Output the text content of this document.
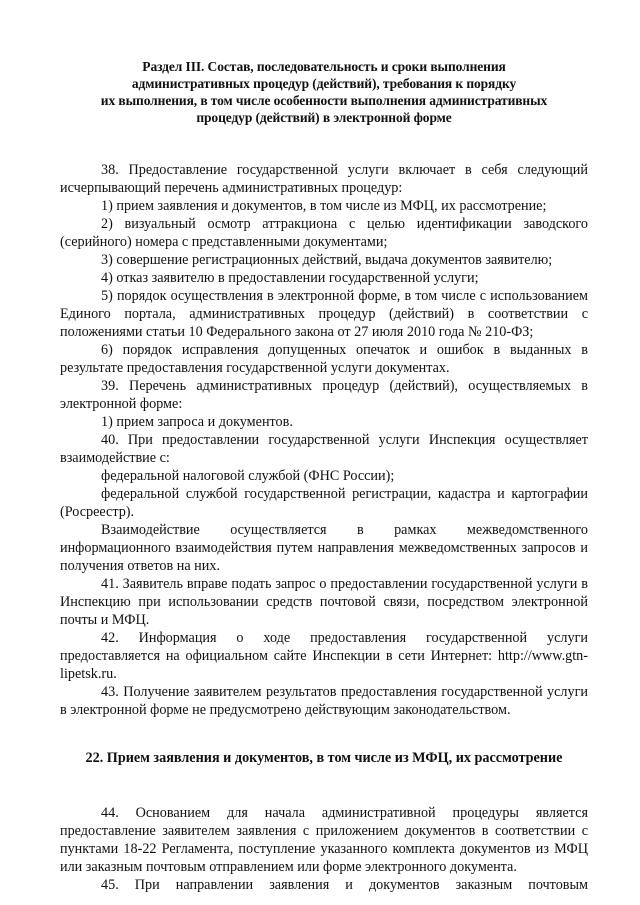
Раздел III. Состав, последовательность и сроки выполнения
административных процедур (действий), требования к порядку
их выполнения, в том числе особенности выполнения административных
процедур (действий) в электронной форме

38. Предоставление государственной услуги включает в себя следующий исчерпывающий перечень административных процедур:

1) прием заявления и документов, в том числе из МФЦ, их рассмотрение;

2) визуальный осмотр аттракциона с целью идентификации заводского (серийного) номера с представленными документами;

3) совершение регистрационных действий, выдача документов заявителю;

4) отказ заявителю в предоставлении государственной услуги;

5) порядок осуществления в электронной форме, в том числе с использованием Единого портала, административных процедур (действий) в соответствии с положениями статьи 10 Федерального закона от 27 июля 2010 года № 210-ФЗ;

6) порядок исправления допущенных опечаток и ошибок в выданных в результате предоставления государственной услуги документах.

39. Перечень административных процедур (действий), осуществляемых в электронной форме:

1) прием запроса и документов.

40. При предоставлении государственной услуги Инспекция осуществляет взаимодействие с:

федеральной налоговой службой (ФНС России);

федеральной службой государственной регистрации, кадастра и картографии (Росреестр).

Взаимодействие осуществляется в рамках межведомственного информационного взаимодействия путем направления межведомственных запросов и получения ответов на них.

41. Заявитель вправе подать запрос о предоставлении государственной услуги в Инспекцию при использовании средств почтовой связи, посредством электронной почты и МФЦ.

42. Информация о ходе предоставления государственной услуги предоставляется на официальном сайте Инспекции в сети Интернет: http://www.gtn-lipetsk.ru.

43. Получение заявителем результатов предоставления государственной услуги в электронной форме не предусмотрено действующим законодательством.

22. Прием заявления и документов, в том числе из МФЦ, их рассмотрение

44. Основанием для начала административной процедуры является предоставление заявителем заявления с приложением документов в соответствии с пунктами 18-22 Регламента, поступление указанного комплекта документов из МФЦ или заказным почтовым отправлением или форме электронного документа.

45. При направлении заявления и документов заказным почтовым
